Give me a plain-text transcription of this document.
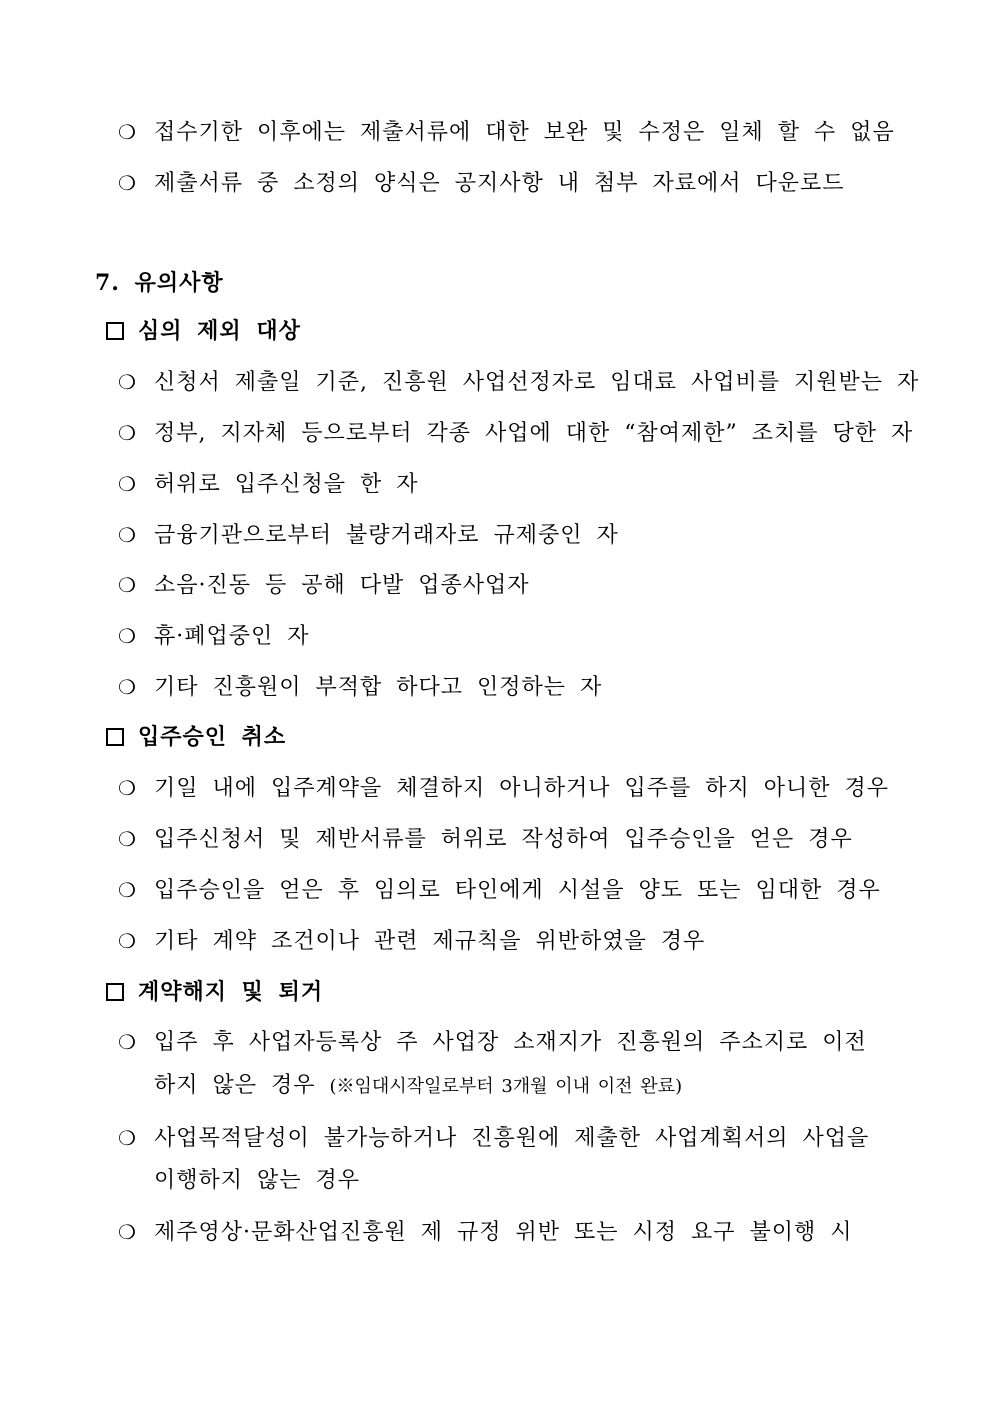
❍ 접수기한 이후에는 제출서류에 대한 보완 및 수정은 일체 할 수 없음
❍ 제출서류 중 소정의 양식은 공지사항 내 첨부 자료에서 다운로드
7. 유의사항
심의 제외 대상
❍ 신청서 제출일 기준, 진흥원 사업선정자로 임대료 사업비를 지원받는 자
❍ 정부, 지자체 등으로부터 각종 사업에 대한 “참여제한” 조치를 당한 자
❍ 허위로 입주신청을 한 자
❍ 금융기관으로부터 불량거래자로 규제중인 자
❍ 소음·진동 등 공해 다발 업종사업자
❍ 휴·폐업중인 자
❍ 기타 진흥원이 부적합 하다고 인정하는 자
입주승인 취소
❍ 기일 내에 입주계약을 체결하지 아니하거나 입주를 하지 아니한 경우
❍ 입주신청서 및 제반서류를 허위로 작성하여 입주승인을 얻은 경우
❍ 입주승인을 얻은 후 임의로 타인에게 시설을 양도 또는 임대한 경우
❍ 기타 계약 조건이나 관련 제규칙을 위반하였을 경우
계약해지 및 퇴거
❍ 입주 후 사업자등록상 주 사업장 소재지가 진흥원의 주소지로 이전
하지 않은 경우 (※임대시작일로부터 3개월 이내 이전 완료)
❍ 사업목적달성이 불가능하거나 진흥원에 제출한 사업계획서의 사업을
이행하지 않는 경우
❍ 제주영상·문화산업진흥원 제 규정 위반 또는 시정 요구 불이행 시
